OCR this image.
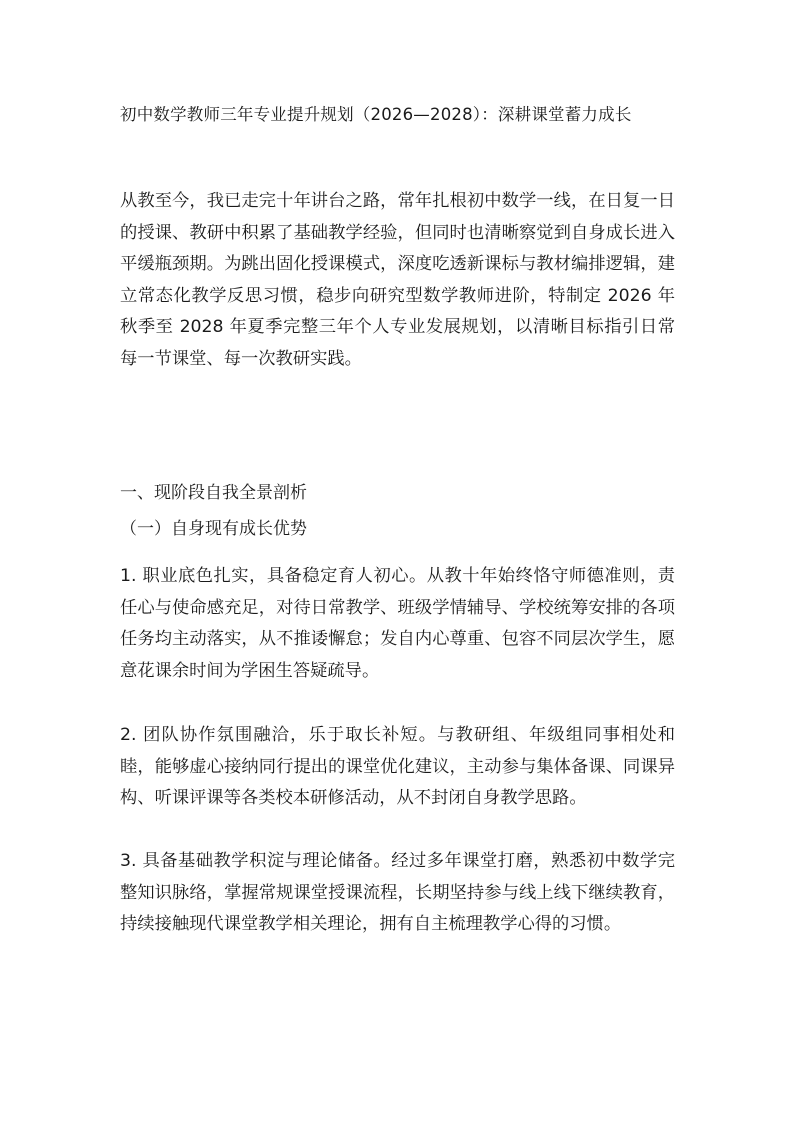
初中数学教师三年专业提升规划（2026—2028）：深耕课堂蓄力成长
从教至今，我已走完十年讲台之路，常年扎根初中数学一线，在日复一日的授课、教研中积累了基础教学经验，但同时也清晰察觉到自身成长进入平缓瓶颈期。为跳出固化授课模式，深度吃透新课标与教材编排逻辑，建立常态化教学反思习惯，稳步向研究型数学教师进阶，特制定 2026 年秋季至 2028 年夏季完整三年个人专业发展规划，以清晰目标指引日常每一节课堂、每一次教研实践。
一、现阶段自我全景剖析
（一）自身现有成长优势
1. 职业底色扎实，具备稳定育人初心。从教十年始终恪守师德准则，责任心与使命感充足，对待日常教学、班级学情辅导、学校统筹安排的各项任务均主动落实，从不推诿懈怠；发自内心尊重、包容不同层次学生，愿意花课余时间为学困生答疑疏导。
2. 团队协作氛围融洽，乐于取长补短。与教研组、年级组同事相处和睦，能够虚心接纳同行提出的课堂优化建议，主动参与集体备课、同课异构、听课评课等各类校本研修活动，从不封闭自身教学思路。
3. 具备基础教学积淀与理论储备。经过多年课堂打磨，熟悉初中数学完整知识脉络，掌握常规课堂授课流程，长期坚持参与线上线下继续教育，持续接触现代课堂教学相关理论，拥有自主梳理教学心得的习惯。
